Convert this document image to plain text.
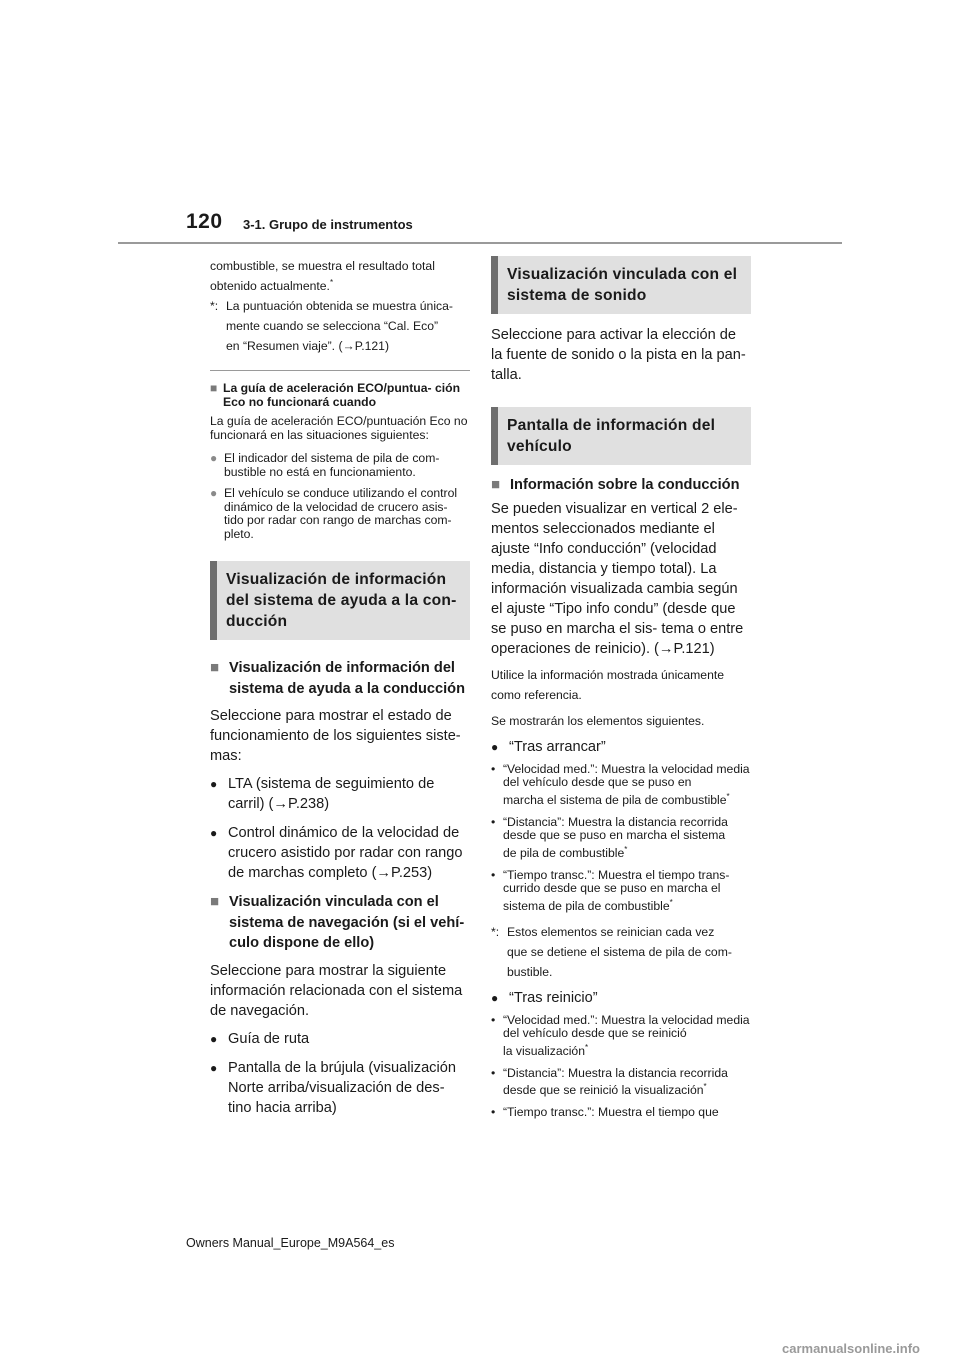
120 3-1. Grupo de instrumentos

combustible, se muestra el resultado total
obtenido actualmente.*

*: La puntuación obtenida se muestra única-
mente cuando se selecciona “Cal. Eco”
en “Resumen viaje”. (→P.121)
■ La guía de aceleración ECO/puntua- ción Eco no funcionará cuando

La guía de aceleración ECO/puntuación Eco no funcionará en las situaciones siguientes:

● El indicador del sistema de pila de com- bustible no está en funcionamiento.
● El vehículo se conduce utilizando el control dinámico de la velocidad de crucero asis- tido por radar con rango de marchas com- pleto.
Visualización de información del sistema de ayuda a la con- ducción
■ Visualización de información del sistema de ayuda a la conducción

Seleccione para mostrar el estado de funcionamiento de los siguientes siste- mas:

● LTA (sistema de seguimiento de carril) (→P.238)
● Control dinámico de la velocidad de crucero asistido por radar con rango de marchas completo (→P.253)
■ Visualización vinculada con el sistema de navegación (si el vehí- culo dispone de ello)

Seleccione para mostrar la siguiente información relacionada con el sistema de navegación.

● Guía de ruta
● Pantalla de la brújula (visualización Norte arriba/visualización de des- tino hacia arriba)
Visualización vinculada con el sistema de sonido

Seleccione para activar la elección de la fuente de sonido o la pista en la pan- talla.

Pantalla de información del vehículo
■ Información sobre la conducción

Se pueden visualizar en vertical 2 ele- mentos seleccionados mediante el ajuste “Info conducción” (velocidad media, distancia y tiempo total). La información visualizada cambia según el ajuste “Tipo info condu” (desde que se puso en marcha el sis- tema o entre operaciones de reinicio). (→P.121)

Utilice la información mostrada únicamente como referencia.

Se mostrarán los elementos siguientes.

● “Tras arrancar”
• “Velocidad med.”: Muestra la velocidad media del vehículo desde que se puso en
marcha el sistema de pila de combustible*
• “Distancia”: Muestra la distancia recorrida desde que se puso en marcha el sistema
de pila de combustible*
• “Tiempo transc.”: Muestra el tiempo trans- currido desde que se puso en marcha el
sistema de pila de combustible*
*: Estos elementos se reinician cada vez
que se detiene el sistema de pila de com-
bustible.
● “Tras reinicio”
• “Velocidad med.”: Muestra la velocidad media del vehículo desde que se reinició
la visualización*
• “Distancia”: Muestra la distancia recorrida
desde que se reinició la visualización*
• “Tiempo transc.”: Muestra el tiempo que
Owners Manual_Europe_M9A564_es
carmanualsonline.info
